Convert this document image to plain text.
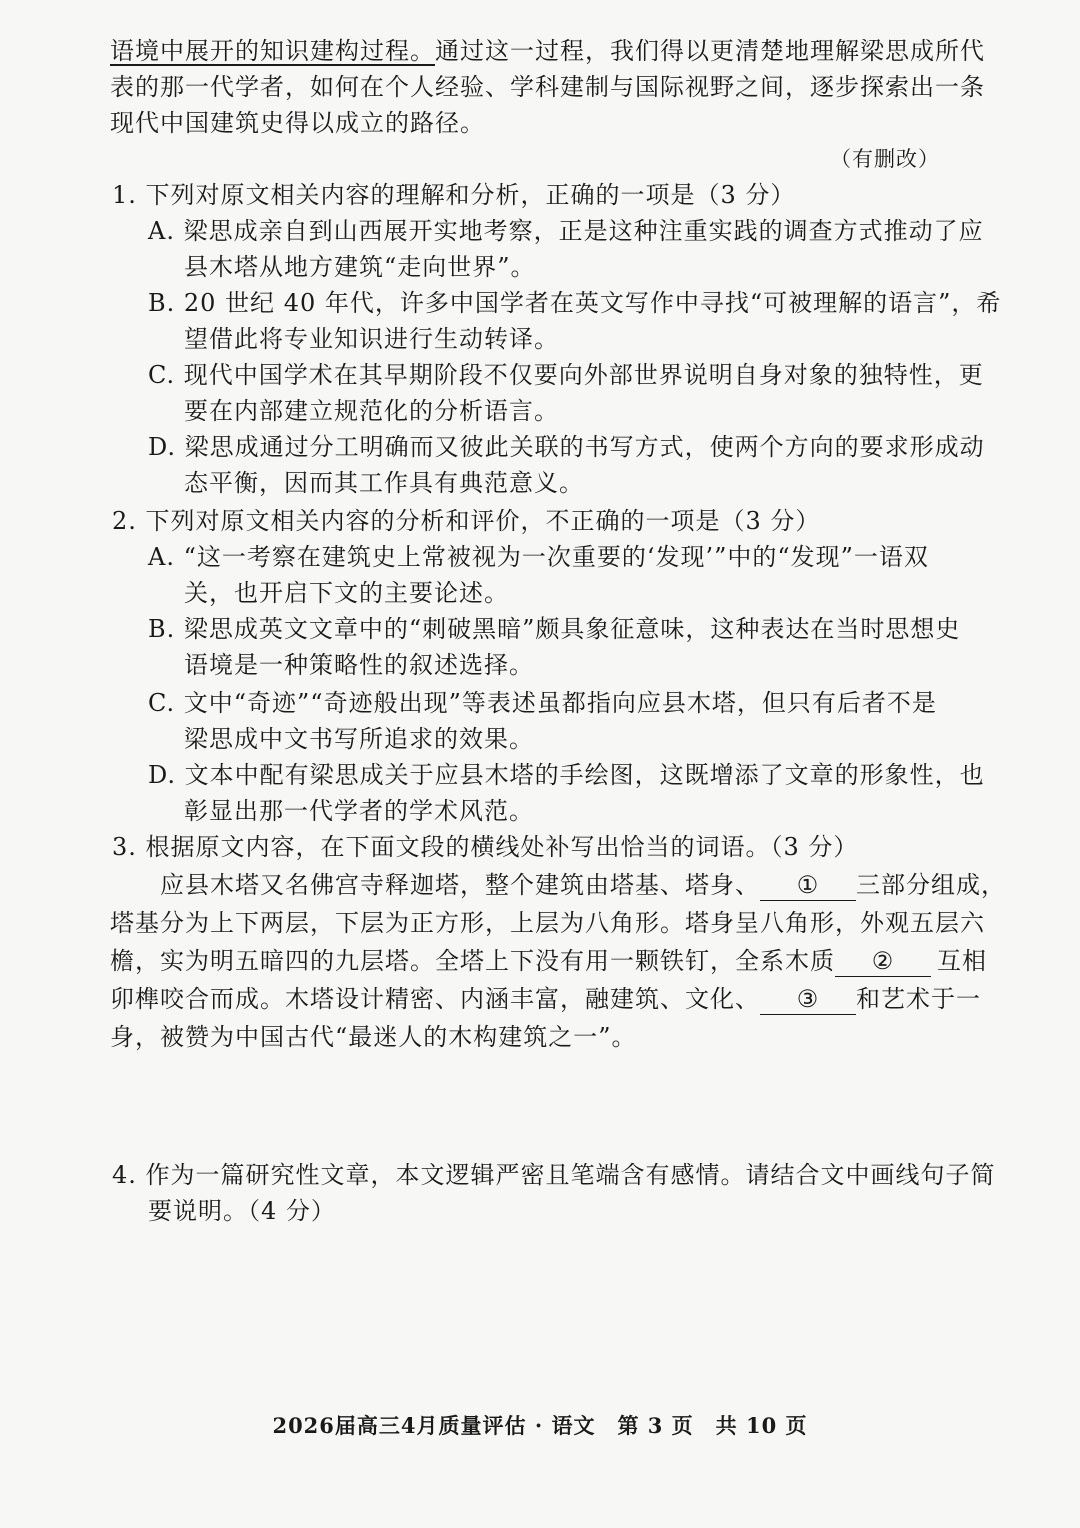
语境中展开的知识建构过程。通过这一过程，我们得以更清楚地理解梁思成所代
表的那一代学者，如何在个人经验、学科建制与国际视野之间，逐步探索出一条
现代中国建筑史得以成立的路径。
（有删改）
1. 下列对原文相关内容的理解和分析，正确的一项是（3 分）
A. 梁思成亲自到山西展开实地考察，正是这种注重实践的调查方式推动了应
县木塔从地方建筑“走向世界”。
B. 20 世纪 40 年代，许多中国学者在英文写作中寻找“可被理解的语言”，希
望借此将专业知识进行生动转译。
C. 现代中国学术在其早期阶段不仅要向外部世界说明自身对象的独特性，更
要在内部建立规范化的分析语言。
D. 梁思成通过分工明确而又彼此关联的书写方式，使两个方向的要求形成动
态平衡，因而其工作具有典范意义。
2. 下列对原文相关内容的分析和评价，不正确的一项是（3 分）
A. “这一考察在建筑史上常被视为一次重要的‘发现’”中的“发现”一语双
关，也开启下文的主要论述。
B. 梁思成英文文章中的“刺破黑暗”颇具象征意味，这种表达在当时思想史
语境是一种策略性的叙述选择。
C. 文中“奇迹”“奇迹般出现”等表述虽都指向应县木塔，但只有后者不是
梁思成中文书写所追求的效果。
D. 文本中配有梁思成关于应县木塔的手绘图，这既增添了文章的形象性，也
彰显出那一代学者的学术风范。
3. 根据原文内容，在下面文段的横线处补写出恰当的词语。（3 分）
应县木塔又名佛宫寺释迦塔，整个建筑由塔基、塔身、 ① 三部分组成，
塔基分为上下两层，下层为正方形，上层为八角形。塔身呈八角形，外观五层六
檐，实为明五暗四的九层塔。全塔上下没有用一颗铁钉，全系木质 ② 互相
卯榫咬合而成。木塔设计精密、内涵丰富，融建筑、文化、 ③ 和艺术于一
身，被赞为中国古代“最迷人的木构建筑之一”。
4. 作为一篇研究性文章，本文逻辑严密且笔端含有感情。请结合文中画线句子简
要说明。（4 分）
2026届高三4月质量评估 · 语文　第 3 页　共 10 页
